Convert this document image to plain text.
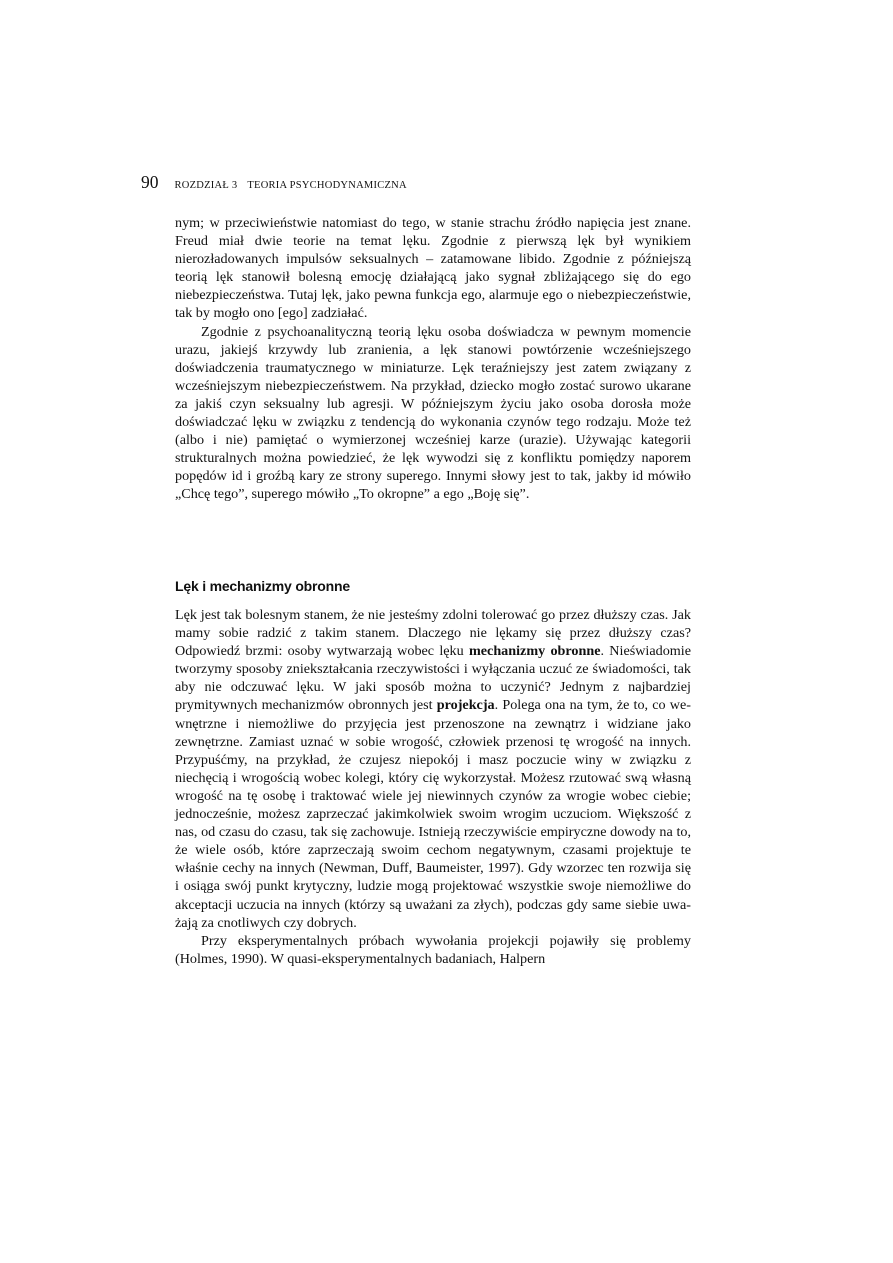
90 ROZDZIAŁ 3 TEORIA PSYCHODYNAMICZNA

nym; w przeciwieństwie natomiast do tego, w stanie strachu źródło napięcia jest znane. Freud miał dwie teorie na temat lęku. Zgodnie z pierwszą lęk był wynikiem nierozładowanych impulsów seksualnych – zatamowane libido. Zgodnie z późniejszą teorią lęk stanowił bolesną emocję działającą jako sygnał zbliżającego się do ego niebezpieczeństwa. Tutaj lęk, jako pewna funkcja ego, alarmuje ego o niebezpieczeństwie, tak by mogło ono [ego] zadziałać.

Zgodnie z psychoanalityczną teorią lęku osoba doświadcza w pewnym momencie urazu, jakiejś krzywdy lub zranienia, a lęk stanowi powtórzenie wcześniejszego doświadczenia traumatycznego w miniaturze. Lęk teraźniejszy jest zatem związany z wcześniejszym niebezpieczeństwem. Na przykład, dziecko mogło zostać surowo ukarane za jakiś czyn seksualny lub agresji. W późniejszym życiu jako osoba dorosła może doświadczać lęku w związku z tendencją do wykonania czynów tego rodzaju. Może też (albo i nie) pamiętać o wymierzonej wcześniej karze (urazie). Używając kategorii strukturalnych można powiedzieć, że lęk wywodzi się z konfliktu pomiędzy naporem popędów id i groźbą kary ze strony superego. Innymi słowy jest to tak, jakby id mówiło „Chcę tego”, superego mówiło „To okropne” a ego „Boję się”.

Lęk i mechanizmy obronne

Lęk jest tak bolesnym stanem, że nie jesteśmy zdolni tolerować go przez dłuższy czas. Jak mamy sobie radzić z takim stanem. Dlaczego nie lękamy się przez dłuższy czas? Odpowiedź brzmi: osoby wytwarzają wobec lęku mechanizmy obronne. Nieświadomie tworzymy sposoby zniekształcania rzeczywistości i wyłączania uczuć ze świadomości, tak aby nie odczuwać lęku. W jaki sposób można to uczynić? Jednym z najbardziej prymitywnych mechanizmów obronnych jest projekcja. Polega ona na tym, że to, co wewnętrzne i niemożliwe do przyjęcia jest przenoszone na zewnątrz i widziane jako zewnętrzne. Zamiast uznać w sobie wrogość, człowiek przenosi tę wrogość na innych. Przypuśćmy, na przykład, że czujesz niepokój i masz poczucie winy w związku z niechęcią i wrogością wobec kolegi, który cię wykorzystał. Możesz rzutować swą własną wrogość na tę osobę i traktować wiele jej niewinnych czynów za wrogie wobec ciebie; jednocześnie, możesz zaprzeczać jakimkolwiek swoim wrogim uczuciom. Większość z nas, od czasu do czasu, tak się zachowuje. Istnieją rzeczywiście empiryczne dowody na to, że wiele osób, które zaprzeczają swoim cechom negatywnym, czasami projektuje te właśnie cechy na innych (Newman, Duff, Baumeister, 1997). Gdy wzorzec ten rozwija się i osiąga swój punkt krytyczny, ludzie mogą projektować wszystkie swoje niemożliwe do akceptacji uczucia na innych (którzy są uważani za złych), podczas gdy same siebie uważają za cnotliwych czy dobrych.

Przy eksperymentalnych próbach wywołania projekcji pojawiły się problemy (Holmes, 1990). W quasi-eksperymentalnych badaniach, Halpern
